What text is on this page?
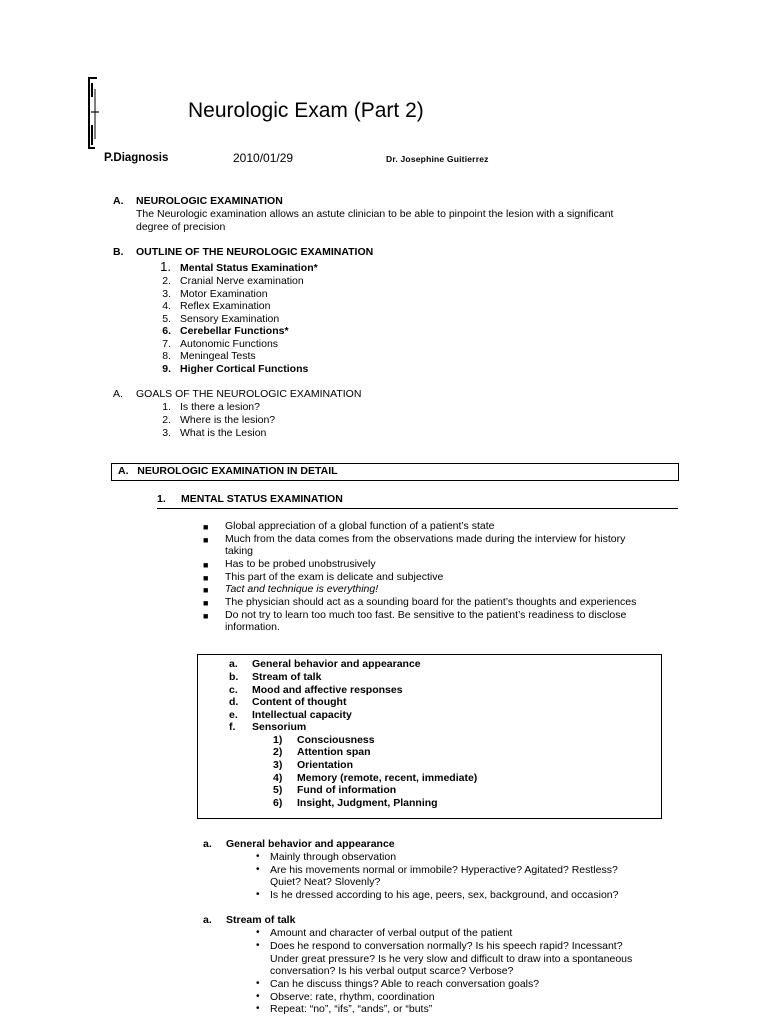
Neurologic Exam (Part 2)
P.Diagnosis	2010/01/29	Dr. Josephine Guitierrez
A. NEUROLOGIC EXAMINATION
The Neurologic examination allows an astute clinician to be able to pinpoint the lesion with a significant
degree of precision
B. OUTLINE OF THE NEUROLOGIC EXAMINATION
1. Mental Status Examination*
2. Cranial Nerve examination
3. Motor Examination
4. Reflex Examination
5. Sensory Examination
6. Cerebellar Functions*
7. Autonomic Functions
8. Meningeal Tests
9. Higher Cortical Functions
A. GOALS OF THE NEUROLOGIC EXAMINATION
1. Is there a lesion?
2. Where is the lesion?
3. What is the Lesion
A. NEUROLOGIC EXAMINATION IN DETAIL
1. MENTAL STATUS EXAMINATION
■ Global appreciation of a global function of a patient’s state
■ Much from the data comes from the observations made during the interview for history
taking
■ Has to be probed unobstrusively
■ This part of the exam is delicate and subjective
■ Tact and technique is everything!
■ The physician should act as a sounding board for the patient’s thoughts and experiences
■ Do not try to learn too much too fast. Be sensitive to the patient’s readiness to disclose
information.
a. General behavior and appearance
b. Stream of talk
c. Mood and affective responses
d. Content of thought
e. Intellectual capacity
f. Sensorium
1) Consciousness
2) Attention span
3) Orientation
4) Memory (remote, recent, immediate)
5) Fund of information
6) Insight, Judgment, Planning
a. General behavior and appearance
• Mainly through observation
• Are his movements normal or immobile? Hyperactive? Agitated? Restless?
Quiet? Neat? Slovenly?
• Is he dressed according to his age, peers, sex, background, and occasion?
a. Stream of talk
• Amount and character of verbal output of the patient
• Does he respond to conversation normally? Is his speech rapid? Incessant?
Under great pressure? Is he very slow and difficult to draw into a spontaneous
conversation? Is his verbal output scarce? Verbose?
• Can he discuss things? Able to reach conversation goals?
• Observe: rate, rhythm, coordination
• Repeat: “no”, “ifs”, “ands”, or “buts”
